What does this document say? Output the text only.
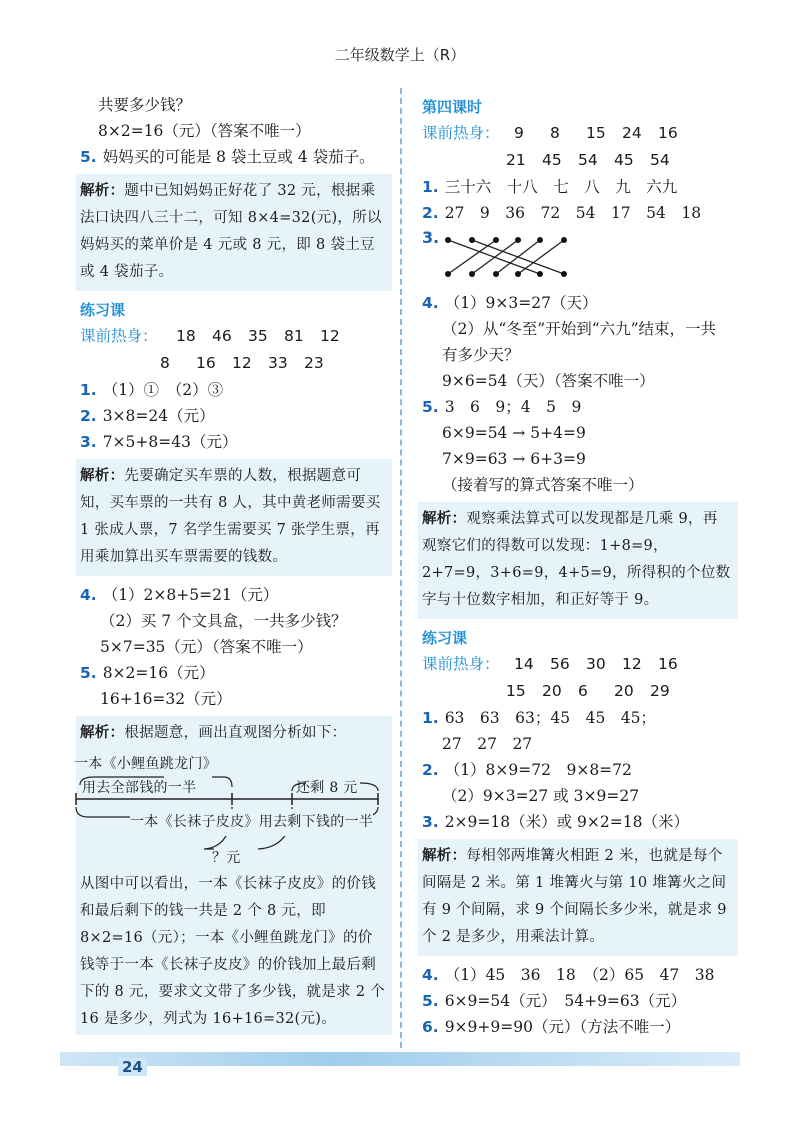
二年级数学上（R）

共要多少钱？

8×2=16（元）（答案不唯一）

5. 妈妈买的可能是 8 袋土豆或 4 袋茄子。

解析：题中已知妈妈正好花了 32 元，根据乘法口诀四八三十二，可知 8×4=32(元)，所以妈妈买的菜单价是 4 元或 8 元，即 8 袋土豆或 4 袋茄子。
练习课
课前热身：	18	46	35	81	12
8	16	12	33	23

1. （1）①　（2）③

2. 3×8=24（元）

3. 7×5+8=43（元）

解析：先要确定买车票的人数，根据题意可知，买车票的一共有 8 人，其中黄老师需要买 1 张成人票，7 名学生需要买 7 张学生票，再用乘加算出买车票需要的钱数。

4. （1）2×8+5=21（元）

（2）买 7 个文具盒，一共多少钱？

5×7=35（元）（答案不唯一）

5. 8×2=16（元）

16+16=32（元）

解析：根据题意，画出直观图分析如下：
一本《小鲤鱼跳龙门》
用去全部钱的一半	还剩 8 元
一本《长袜子皮皮》用去剩下钱的一半
？元
从图中可以看出，一本《长袜子皮皮》的价钱和最后剩下的钱一共是 2 个 8 元，即 8×2=16（元）；一本《小鲤鱼跳龙门》的价钱等于一本《长袜子皮皮》的价钱加上最后剩下的 8 元，要求文文带了多少钱，就是求 2 个 16 是多少，列式为 16+16=32(元)。
第四课时
课前热身： 9	8	15	24	16
21	45	54	45	54

1. 三十六　十八　七　八　九　六九

2. 27　9　36　72　54　17　54　18

3.

4. （1）9×3=27（天）

（2）从“冬至”开始到“六九”结束，一共

有多少天？

9×6=54（天）（答案不唯一）

5. 3　6　9；4　5　9

6×9=54 → 5+4=9

7×9=63 → 6+3=9

（接着写的算式答案不唯一）

解析：观察乘法算式可以发现都是几乘 9，再观察它们的得数可以发现：1+8=9，2+7=9，3+6=9，4+5=9，所得积的个位数字与十位数字相加，和正好等于 9。
练习课
课前热身： 14	56	30	12	16
15	20	6	20	29

1. 63　63　63；45　45　45；

27　27　27

2. （1）8×9=72　9×8=72

（2）9×3=27 或 3×9=27

3. 2×9=18（米）或 9×2=18（米）

解析：每相邻两堆篝火相距 2 米，也就是每个间隔是 2 米。第 1 堆篝火与第 10 堆篝火之间有 9 个间隔，求 9 个间隔长多少米，就是求 9 个 2 是多少，用乘法计算。

4. （1）45　36　18　（2）65　47　38

5. 6×9=54（元）　54+9=63（元）

6. 9×9+9=90（元）（方法不唯一）

24
